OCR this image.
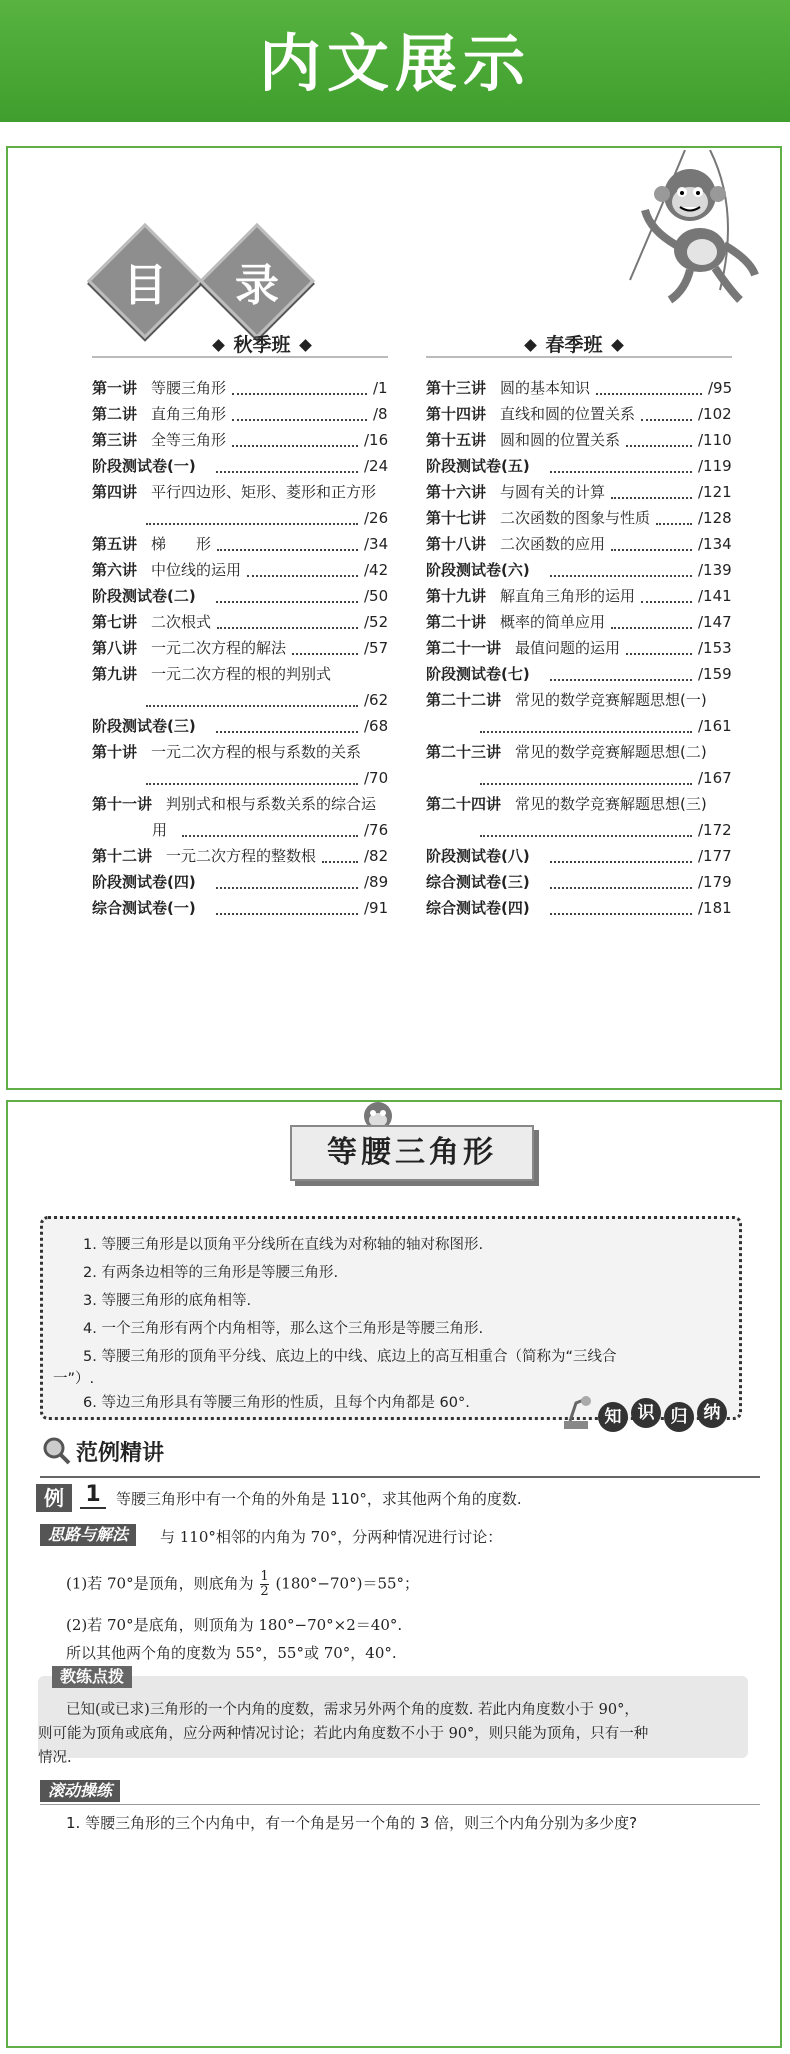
内文展示
目	录
秋季班	春季班
第一讲 等腰三角形	/1
第二讲 直角三角形	/8
第三讲 全等三角形	/16
阶段测试卷(一)	/24
第四讲 平行四边形、矩形、菱形和正方形
/26
第五讲 梯　　形	/34
第六讲 中位线的运用	/42
阶段测试卷(二)	/50
第七讲 二次根式	/52
第八讲 一元二次方程的解法	/57
第九讲 一元二次方程的根的判别式
/62
阶段测试卷(三)	/68
第十讲 一元二次方程的根与系数的关系
/70
第十一讲 判别式和根与系数关系的综合运
用	/76
第十二讲 一元二次方程的整数根	/82
阶段测试卷(四)	/89
综合测试卷(一)	/91
第十三讲 圆的基本知识	/95
第十四讲 直线和圆的位置关系	/102
第十五讲 圆和圆的位置关系	/110
阶段测试卷(五)	/119
第十六讲 与圆有关的计算	/121
第十七讲 二次函数的图象与性质	/128
第十八讲 二次函数的应用	/134
阶段测试卷(六)	/139
第十九讲 解直角三角形的运用	/141
第二十讲 概率的简单应用	/147
第二十一讲 最值问题的运用	/153
阶段测试卷(七)	/159
第二十二讲 常见的数学竞赛解题思想(一)
/161
第二十三讲 常见的数学竞赛解题思想(二)
/167
第二十四讲 常见的数学竞赛解题思想(三)
/172
阶段测试卷(八)	/177
综合测试卷(三)	/179
综合测试卷(四)	/181
等腰三角形

1. 等腰三角形是以顶角平分线所在直线为对称轴的轴对称图形.

2. 有两条边相等的三角形是等腰三角形.

3. 等腰三角形的底角相等.

4. 一个三角形有两个内角相等，那么这个三角形是等腰三角形.

5. 等腰三角形的顶角平分线、底边上的中线、底边上的高互相重合（简称为“三线合

一”）.

6. 等边三角形具有等腰三角形的性质，且每个内角都是 60°.

知 识 归 纳
范例精讲
例 1	等腰三角形中有一个角的外角是 110°，求其他两个角的度数.
思路与解法	与 110°相邻的内角为 70°，分两种情况进行讨论：
(1)若 70°是顶角，则底角为 $\frac{1}{2} (180^\circ-70^\circ)=55^\circ$；
(2)若 70°是底角，则顶角为 180°−70°×2＝40°.
所以其他两个角的度数为 55°，55°或 70°，40°.
教练点拨
已知(或已求)三角形的一个内角的度数，需求另外两个角的度数. 若此内角度数小于 90°，
则可能为顶角或底角，应分两种情况讨论；若此内角度数不小于 90°，则只能为顶角，只有一种
情况.
滚动操练
1. 等腰三角形的三个内角中，有一个角是另一个角的 3 倍，则三个内角分别为多少度?
